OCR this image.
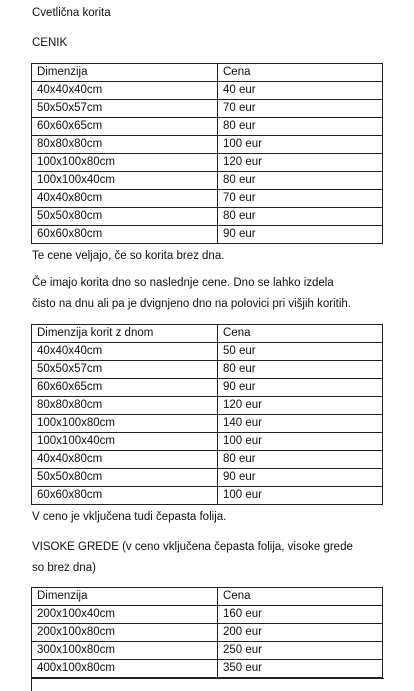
Cvetlična korita
CENIK
Dimenzija	Cena
40x40x40cm	40 eur
50x50x57cm	70 eur
60x60x65cm	80 eur
80x80x80cm	100 eur
100x100x80cm	120 eur
100x100x40cm	80 eur
40x40x80cm	70 eur
50x50x80cm	80 eur
60x60x80cm	90 eur
Te cene veljajo, če so korita brez dna.
Če imajo korita dno so naslednje cene. Dno se lahko izdela
čisto na dnu ali pa je dvignjeno dno na polovici pri višjih koritih.
Dimenzija korit z dnom	Cena
40x40x40cm	50 eur
50x50x57cm	80 eur
60x60x65cm	90 eur
80x80x80cm	120 eur
100x100x80cm	140 eur
100x100x40cm	100 eur
40x40x80cm	80 eur
50x50x80cm	90 eur
60x60x80cm	100 eur
V ceno je vključena tudi čepasta folija.
VISOKE GREDE (v ceno vključena čepasta folija, visoke grede
so brez dna)
Dimenzija	Cena
200x100x40cm	160 eur
200x100x80cm	200 eur
300x100x80cm	250 eur
400x100x80cm	350 eur
